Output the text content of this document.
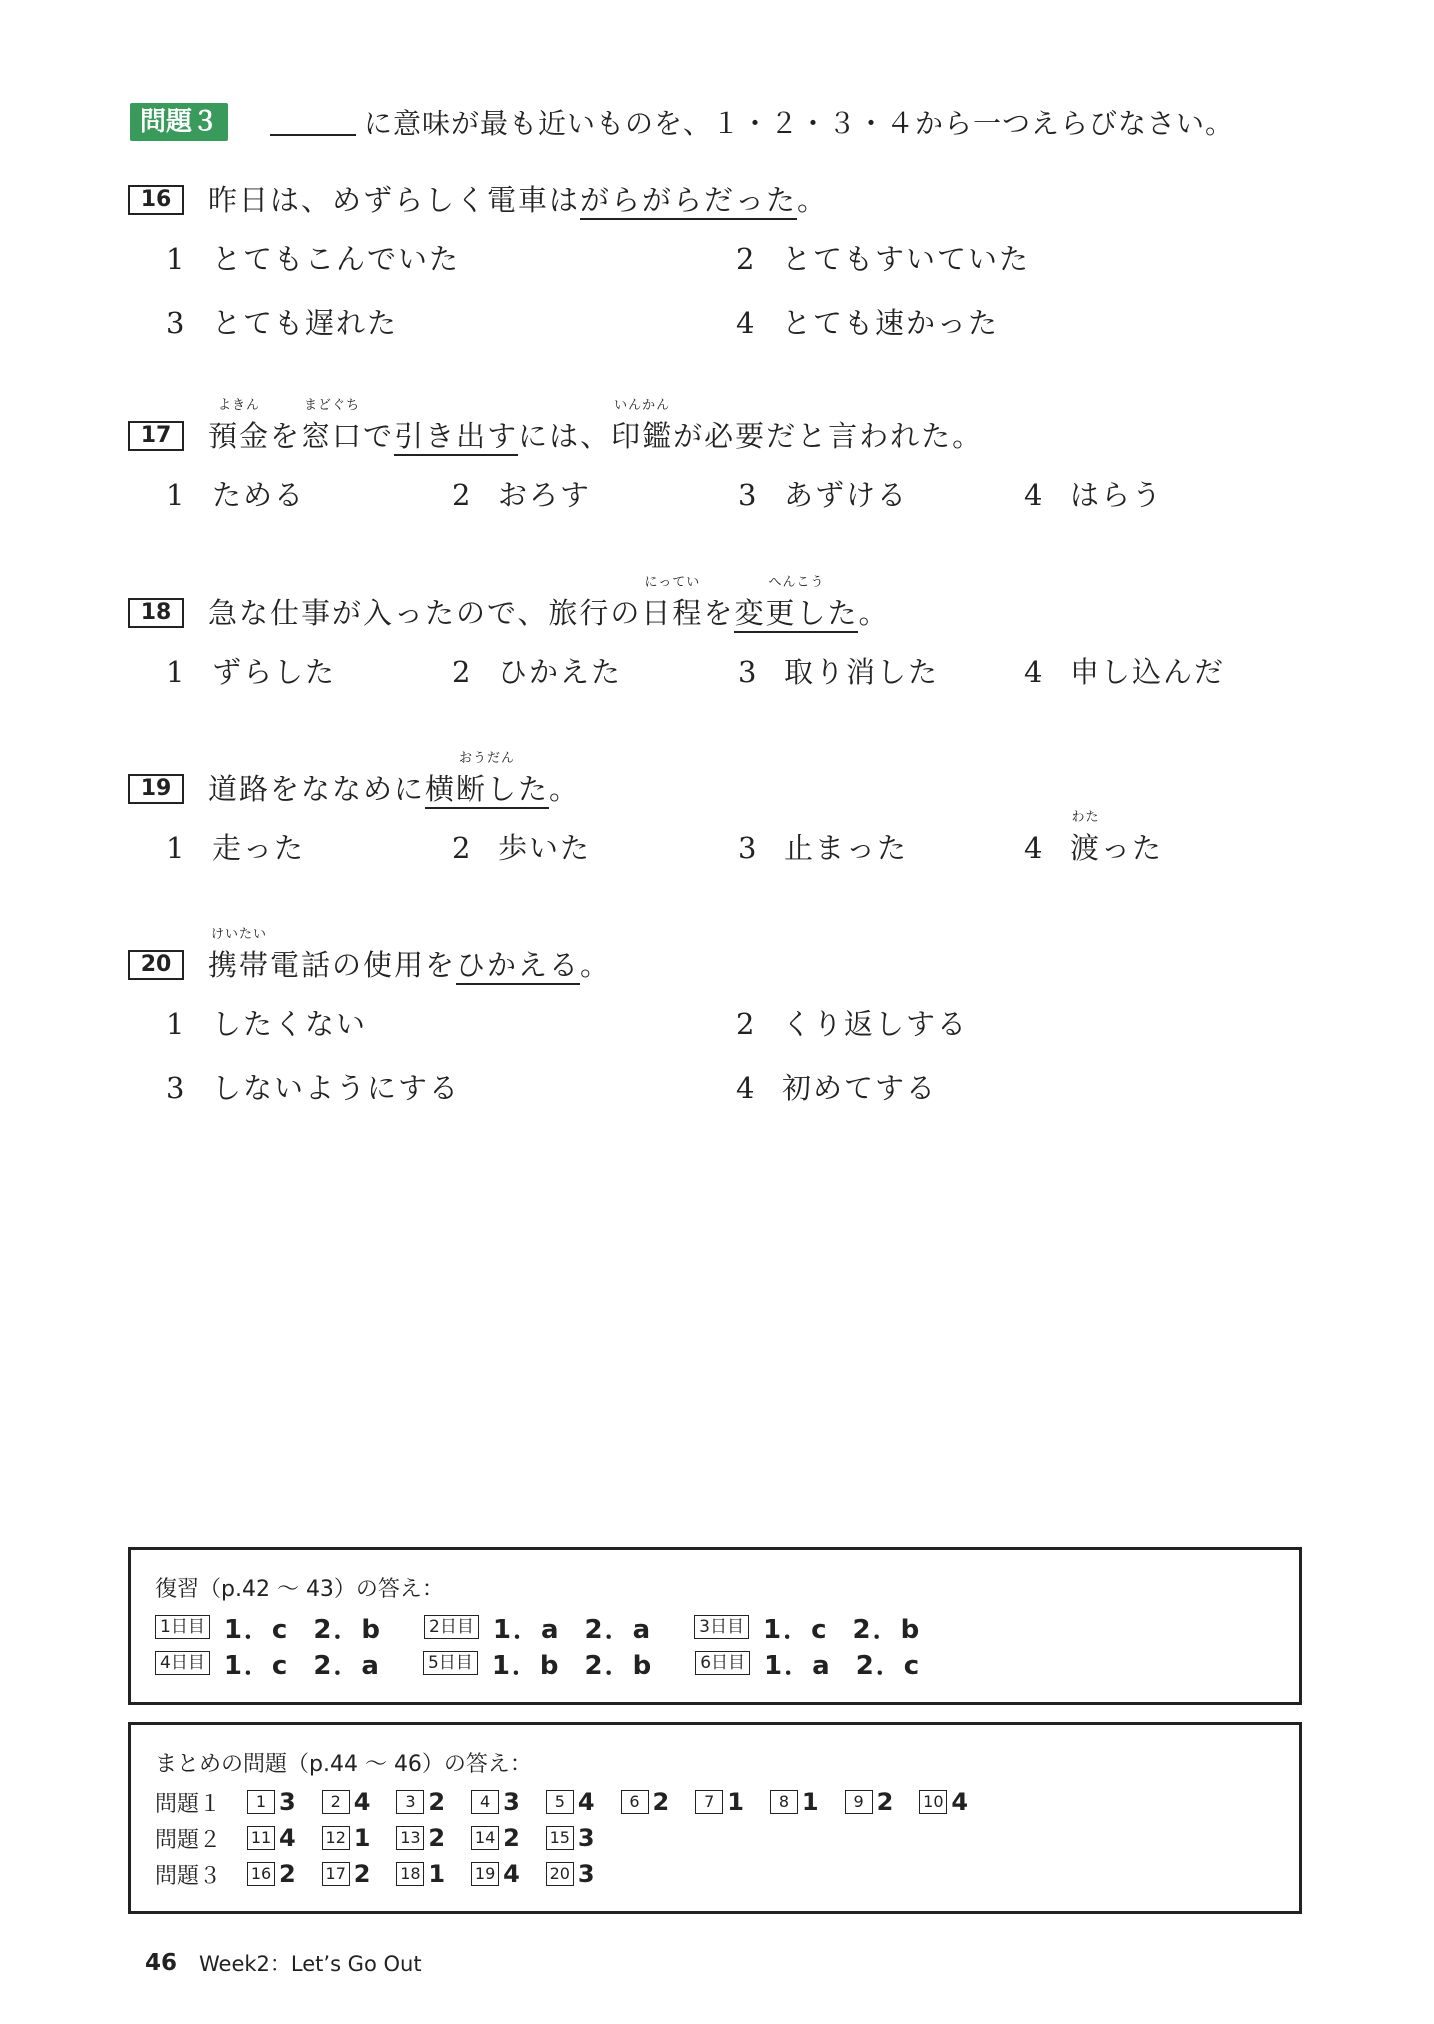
問題３	に意味が最も近いものを、１・２・３・４から一つえらびなさい。
16	昨日は、めずらしく電車はがらがらだった。
1 とてもこんでいた	2 とてもすいていた
3 とても遅れた	4 とても速かった
17	預金
よきん
を窓口
まどぐち
で引き出すには、印鑑
いんかん
が必要だと言われた。
1 ためる	2 おろす	3 あずける	4 はらう
18	急な仕事が入ったので、旅行の日程
にってい
を変更した
へんこう
。
1 ずらした	2 ひかえた	3 取り消した	4 申し込んだ
19	道路をななめに横断した
おうだん
。
1 走った	2 歩いた	3 止まった	4 渡
わた
った
20	携帯
けいたい
電話の使用をひかえる。
1 したくない	2 くり返しする
3 しないようにする	4 初めてする
復習（p.42 ～ 43）の答え：
1日目 1．c 2．b	2日目 1．a 2．a	3日目 1．c 2．b
4日目 1．c 2．a	5日目 1．b 2．b	6日目 1．a 2．c
まとめの問題（p.44 ～ 46）の答え：
問題１	1 3	2 4	3 2	4 3	5 4	6 2	7 1	8 1	9 2 10 4
問題２	11 4 12 1 13 2 14 2 15 3
問題３	16 2 17 2 18 1 19 4 20 3
46 Week2：Let’s Go Out
